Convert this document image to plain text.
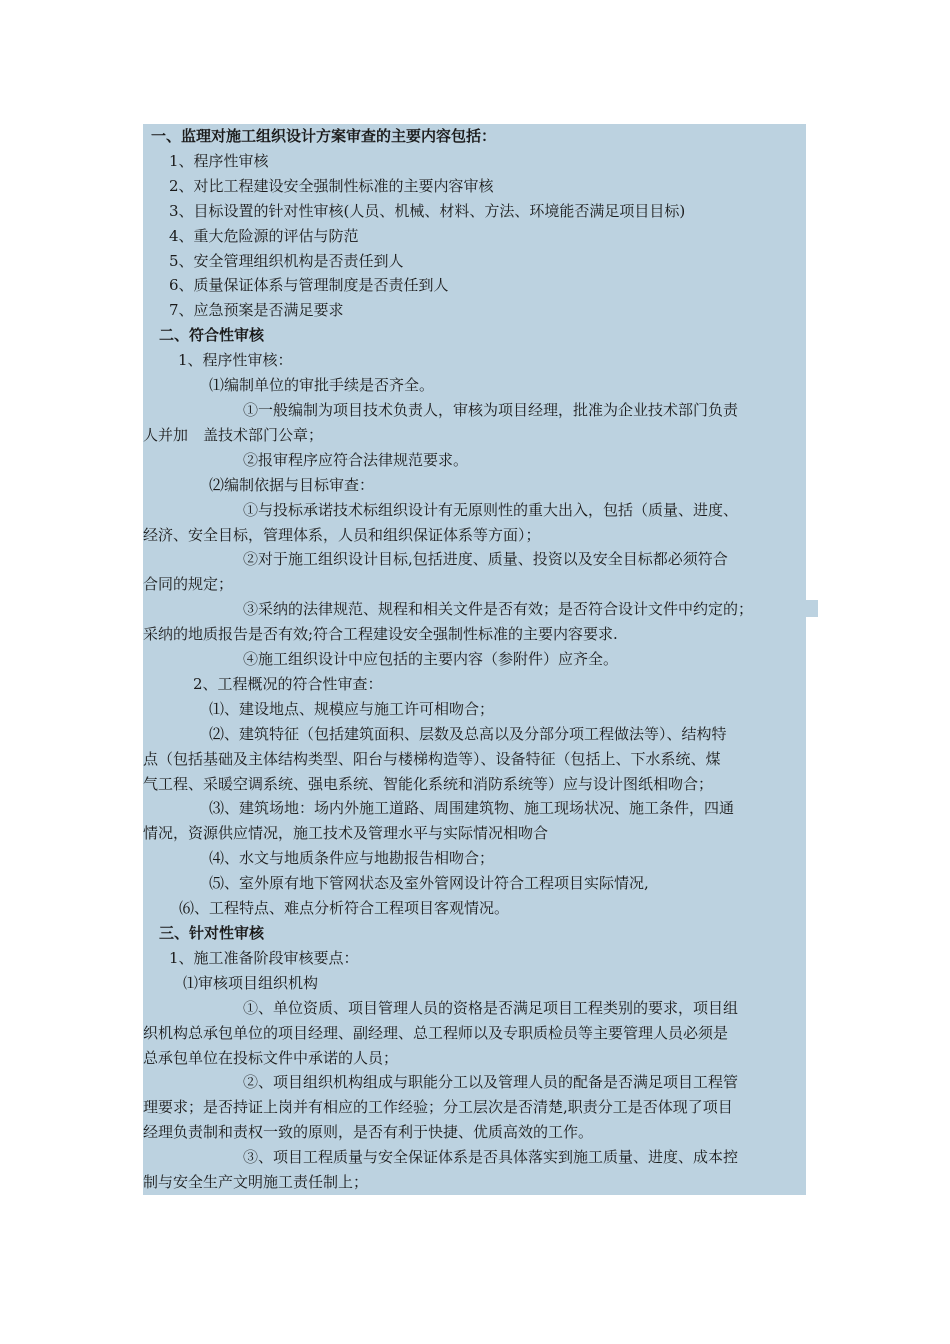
一、监理对施工组织设计方案审查的主要内容包括：
1、程序性审核
2、对比工程建设安全强制性标准的主要内容审核
3、目标设置的针对性审核(人员、机械、材料、方法、环境能否满足项目目标)
4、重大危险源的评估与防范
5、安全管理组织机构是否责任到人
6、质量保证体系与管理制度是否责任到人
7、应急预案是否满足要求
二、符合性审核
1、程序性审核：
⑴编制单位的审批手续是否齐全。
①一般编制为项目技术负责人，审核为项目经理，批准为企业技术部门负责
人并加　盖技术部门公章；
②报审程序应符合法律规范要求。
⑵编制依据与目标审查：
①与投标承诺技术标组织设计有无原则性的重大出入，包括（质量、进度、
经济、安全目标，管理体系，人员和组织保证体系等方面）；
②对于施工组织设计目标,包括进度、质量、投资以及安全目标都必须符合
合同的规定；
③采纳的法律规范、规程和相关文件是否有效；是否符合设计文件中约定的；
采纳的地质报告是否有效;符合工程建设安全强制性标准的主要内容要求.
④施工组织设计中应包括的主要内容（参附件）应齐全。
2、工程概况的符合性审查：
⑴、建设地点、规模应与施工许可相吻合；
⑵、建筑特征（包括建筑面积、层数及总高以及分部分项工程做法等）、结构特
点（包括基础及主体结构类型、阳台与楼梯构造等）、设备特征（包括上、下水系统、煤
气工程、采暖空调系统、强电系统、智能化系统和消防系统等）应与设计图纸相吻合；
⑶、建筑场地：场内外施工道路、周围建筑物、施工现场状况、施工条件，四通
情况，资源供应情况，施工技术及管理水平与实际情况相吻合
⑷、水文与地质条件应与地勘报告相吻合；
⑸、室外原有地下管网状态及室外管网设计符合工程项目实际情况,
⑹、工程特点、难点分析符合工程项目客观情况。
三、针对性审核
1、施工准备阶段审核要点：
⑴审核项目组织机构
①、单位资质、项目管理人员的资格是否满足项目工程类别的要求，项目组
织机构总承包单位的项目经理、副经理、总工程师以及专职质检员等主要管理人员必须是
总承包单位在投标文件中承诺的人员；
②、项目组织机构组成与职能分工以及管理人员的配备是否满足项目工程管
理要求；是否持证上岗并有相应的工作经验；分工层次是否清楚,职责分工是否体现了项目
经理负责制和责权一致的原则，是否有利于快捷、优质高效的工作。
③、项目工程质量与安全保证体系是否具体落实到施工质量、进度、成本控
制与安全生产文明施工责任制上；
